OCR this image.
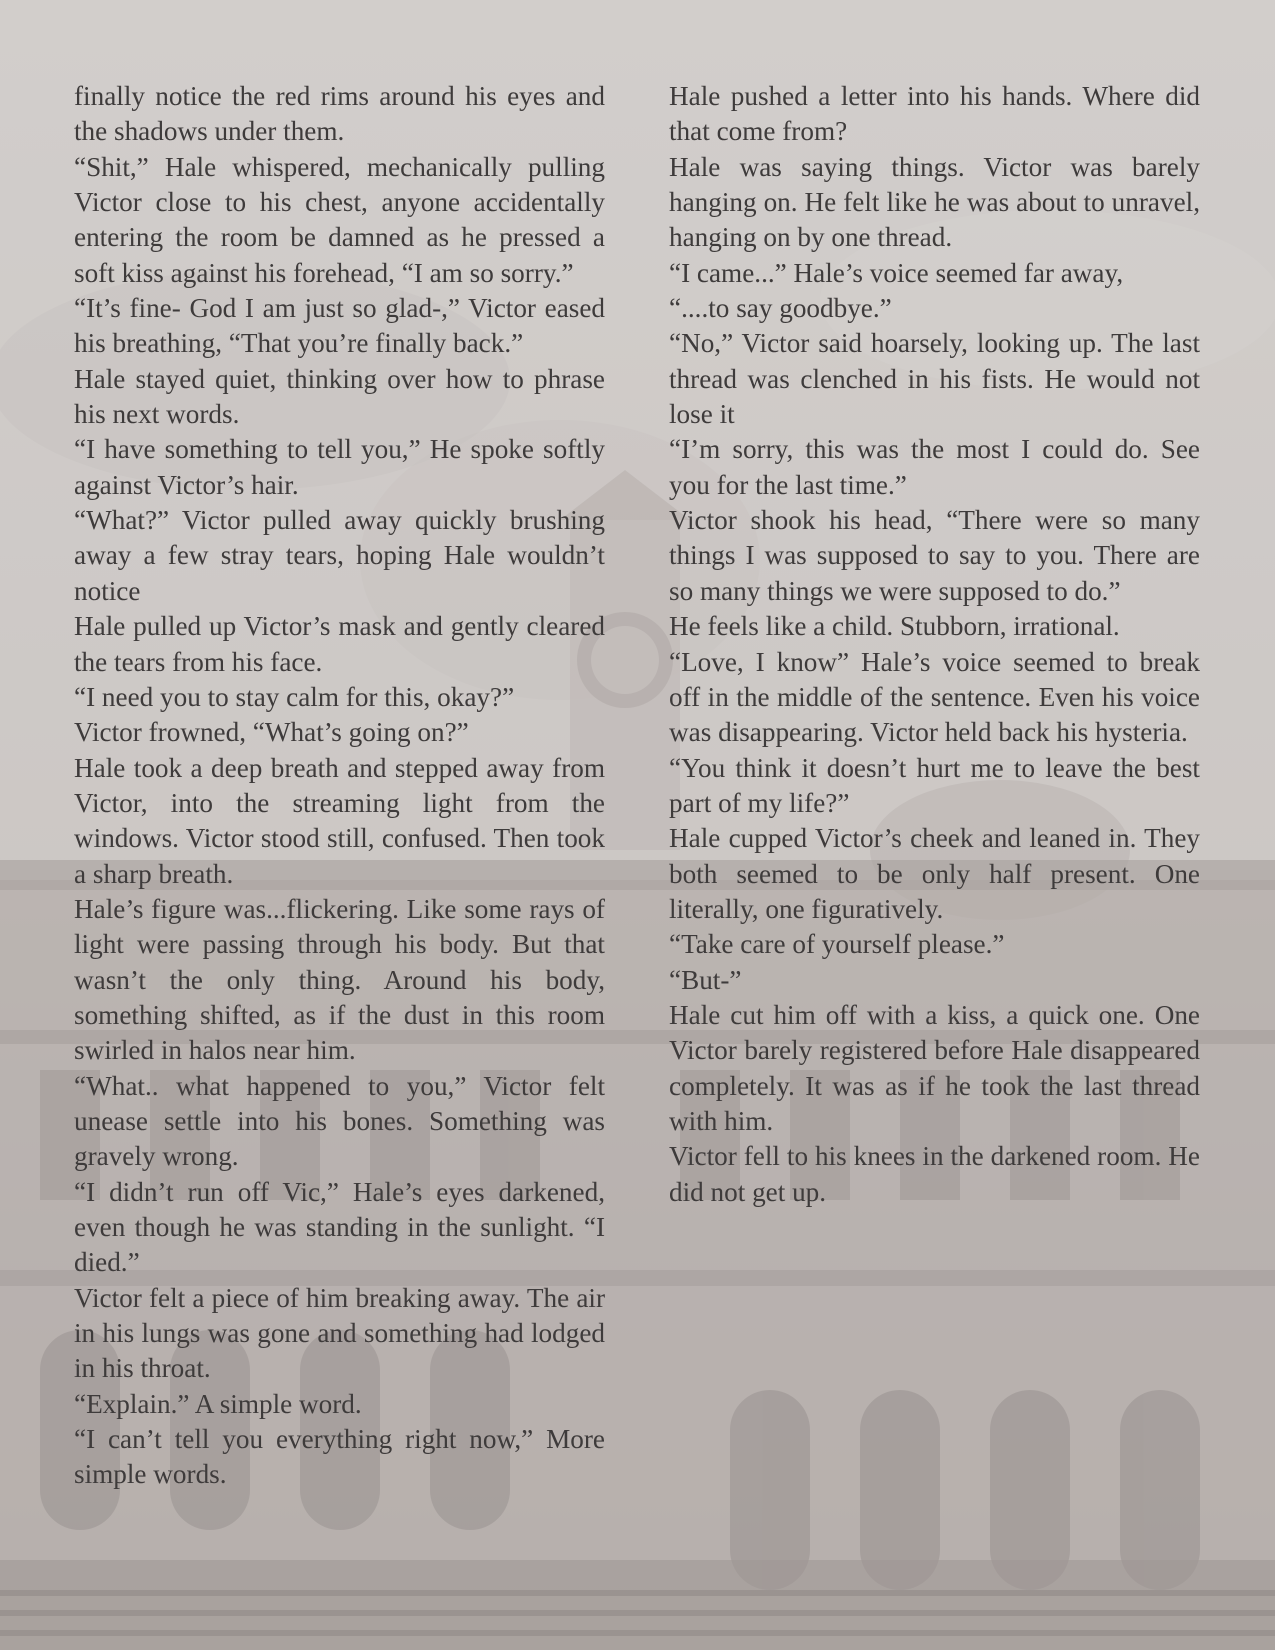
finally notice the red rims around his eyes and the shadows under them.

“Shit,” Hale whispered, mechanically pulling Victor close to his chest, anyone accidentally entering the room be damned as he pressed a soft kiss against his forehead, “I am so sorry.”

“It’s fine- God I am just so glad-,” Victor eased his breathing, “That you’re finally back.”

Hale stayed quiet, thinking over how to phrase his next words.

“I have something to tell you,” He spoke softly against Victor’s hair.

“What?” Victor pulled away quickly brushing away a few stray tears, hoping Hale wouldn’t notice

Hale pulled up Victor’s mask and gently cleared the tears from his face.

“I need you to stay calm for this, okay?”

Victor frowned, “What’s going on?”

Hale took a deep breath and stepped away from Victor, into the streaming light from the windows. Victor stood still, confused. Then took a sharp breath.

Hale’s figure was...flickering. Like some rays of light were passing through his body. But that wasn’t the only thing. Around his body, something shifted, as if the dust in this room swirled in halos near him.

“What.. what happened to you,” Victor felt unease settle into his bones. Something was gravely wrong.

“I didn’t run off Vic,” Hale’s eyes darkened, even though he was standing in the sunlight. “I died.”

Victor felt a piece of him breaking away. The air in his lungs was gone and something had lodged in his throat.

“Explain.” A simple word.

“I can’t tell you everything right now,” More simple words.

Hale pushed a letter into his hands. Where did that come from?

Hale was saying things. Victor was barely hanging on. He felt like he was about to unravel, hanging on by one thread.

“I came...” Hale’s voice seemed far away,

“....to say goodbye.”

“No,” Victor said hoarsely, looking up. The last thread was clenched in his fists. He would not lose it

“I’m sorry, this was the most I could do. See you for the last time.”

Victor shook his head, “There were so many things I was supposed to say to you. There are so many things we were supposed to do.”

He feels like a child. Stubborn, irrational.

“Love, I know” Hale’s voice seemed to break off in the middle of the sentence. Even his voice was disappearing. Victor held back his hysteria.

“You think it doesn’t hurt me to leave the best part of my life?”

Hale cupped Victor’s cheek and leaned in. They both seemed to be only half present. One literally, one figuratively.

“Take care of yourself please.”

“But-”

Hale cut him off with a kiss, a quick one. One Victor barely registered before Hale disappeared completely. It was as if he took the last thread with him.

Victor fell to his knees in the darkened room. He did not get up.
